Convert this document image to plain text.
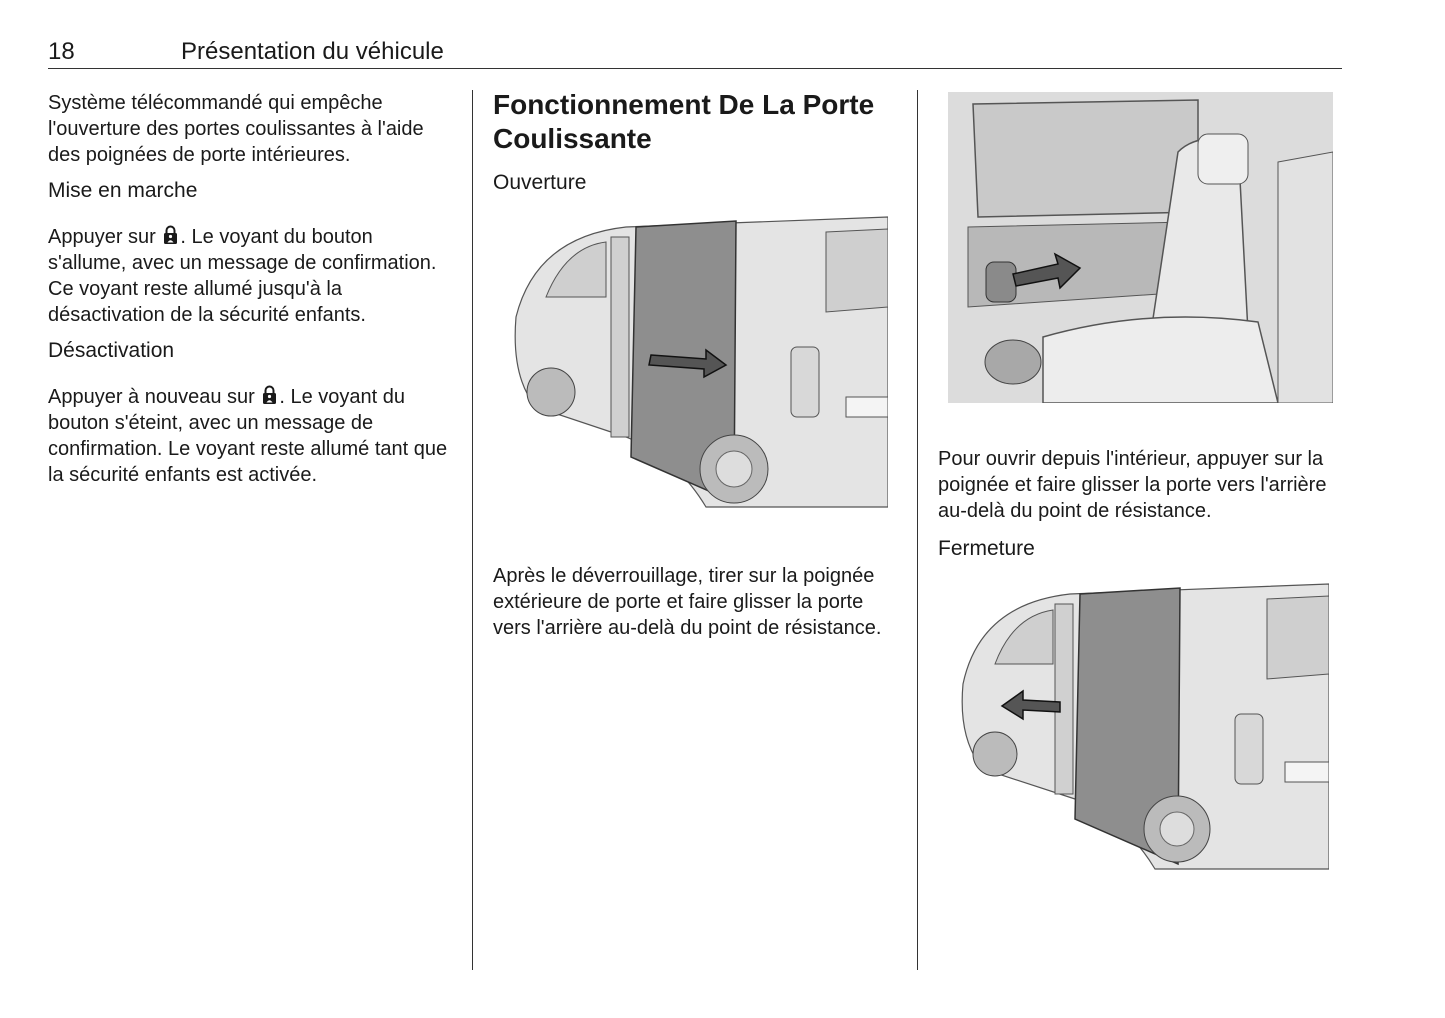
18	Présentation du véhicule

Système télécommandé qui empêche l'ouverture des portes coulissantes à l'aide des poignées de porte intérieures.

Mise en marche

Appuyer sur . Le voyant du bouton s'allume, avec un message de confirmation. Ce voyant reste allumé jusqu'à la désactivation de la sécurité enfants.

Désactivation

Appuyer à nouveau sur . Le voyant du bouton s'éteint, avec un message de confirmation. Le voyant reste allumé tant que la sécurité enfants est activée.

Fonctionnement De La Porte Coulissante

Ouverture

Après le déverrouillage, tirer sur la poignée extérieure de porte et faire glisser la porte vers l'arrière au-delà du point de résistance.

Pour ouvrir depuis l'intérieur, appuyer sur la poignée et faire glisser la porte vers l'arrière au-delà du point de résistance.

Fermeture
